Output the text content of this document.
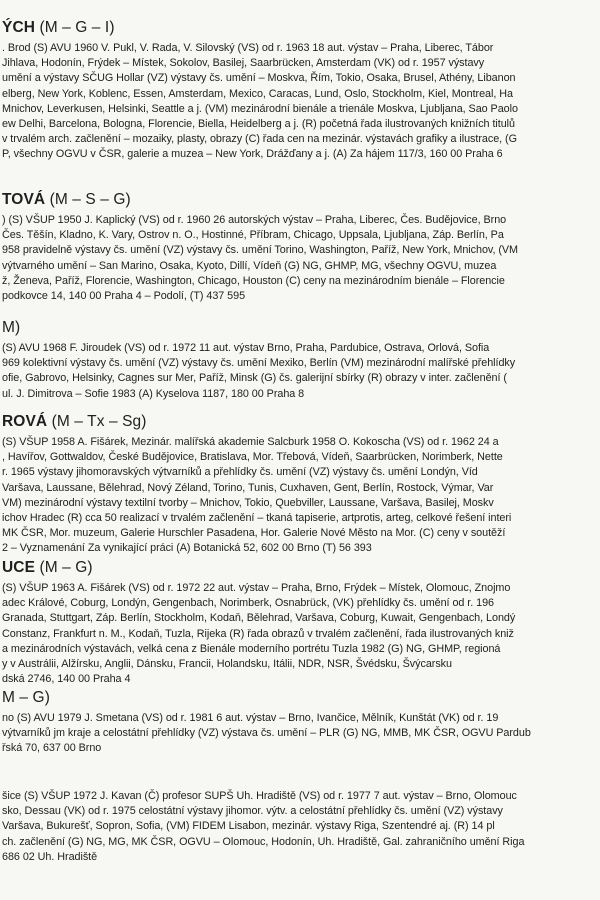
ÝCH (M – G – I)
. Brod (S) AVU 1960 V. Pukl, V. Rada, V. Silovský (VS) od r. 1963 18 aut. výstav – Praha, Liberec, Tábor
Jihlava, Hodonín, Frýdek – Místek, Sokolov, Basilej, Saarbrücken, Amsterdam (VK) od r. 1957 výstavy
umění a výstavy SČUG Hollar (VZ) výstavy čs. umění – Moskva, Řím, Tokio, Osaka, Brusel, Athény, Libanon
elberg, New York, Koblenc, Essen, Amsterdam, Mexico, Caracas, Lund, Oslo, Stockholm, Kiel, Montreal, Ha
Mnichov, Leverkusen, Helsinki, Seattle a j. (VM) mezinárodní bienále a trienále Moskva, Ljubljana, Sao Paolo
ew Delhi, Barcelona, Bologna, Florencie, Biella, Heidelberg a j. (R) početná řada ilustrovaných knižních titulů
v trvalém arch. začlenění – mozaiky, plasty, obrazy (C) řada cen na mezinár. výstavách grafiky a ilustrace, (G
P, všechny OGVU v ČSR, galerie a muzea – New York, Drážďany a j. (A) Za hájem 117/3, 160 00 Praha 6
TOVÁ (M – S – G)
) (S) VŠUP 1950 J. Kaplický (VS) od r. 1960 26 autorských výstav – Praha, Liberec, Čes. Budějovice, Brno
Čes. Těšín, Kladno, K. Vary, Ostrov n. O., Hostinné, Příbram, Chicago, Uppsala, Ljubljana, Záp. Berlín, Pa
958 pravidelně výstavy čs. umění (VZ) výstavy čs. umění Torino, Washington, Paříž, New York, Mnichov, (VM
výtvarného umění – San Marino, Osaka, Kyoto, Dillí, Vídeň (G) NG, GHMP, MG, všechny OGVU, muzea
ž, Ženeva, Paříž, Florencie, Washington, Chicago, Houston (C) ceny na mezinárodním bienále – Florencie
podkovce 14, 140 00 Praha 4 – Podolí, (T) 437 595
M)
(S) AVU 1968 F. Jiroudek (VS) od r. 1972 11 aut. výstav Brno, Praha, Pardubice, Ostrava, Orlová, Sofia
969 kolektivní výstavy čs. umění (VZ) výstavy čs. umění Mexiko, Berlín (VM) mezinárodní malířské přehlídky
ofie, Gabrovo, Helsinky, Cagnes sur Mer, Paříž, Minsk (G) čs. galerijní sbírky (R) obrazy v inter. začlenění (
ul. J. Dimitrova – Sofie 1983 (A) Kyselova 1187, 180 00 Praha 8
ROVÁ (M – Tx – Sg)
(S) VŠUP 1958 A. Fišárek, Mezinár. malířská akademie Salcburk 1958 O. Kokoscha (VS) od r. 1962 24 a
, Havířov, Gottwaldov, České Budějovice, Bratislava, Mor. Třebová, Vídeň, Saarbrücken, Norimberk, Nette
r. 1965 výstavy jihomoravských výtvarníků a přehlídky čs. umění (VZ) výstavy čs. umění Londýn, Víd
Varšava, Laussane, Bělehrad, Nový Zéland, Torino, Tunis, Cuxhaven, Gent, Berlín, Rostock, Výmar, Var
VM) mezinárodní výstavy textilní tvorby – Mnichov, Tokio, Quebviller, Laussane, Varšava, Basilej, Moskv
ichov Hradec (R) cca 50 realizací v trvalém začlenění – tkaná tapiserie, artprotis, arteg, celkové řešení interi
MK ČSR, Mor. muzeum, Galerie Hurschler Pasadena, Hor. Galerie Nové Město na Mor. (C) ceny v soutěží
2 – Vyznamenání Za vynikající práci (A) Botanická 52, 602 00 Brno (T) 56 393
UCE (M – G)
(S) VŠUP 1963 A. Fišárek (VS) od r. 1972 22 aut. výstav – Praha, Brno, Frýdek – Místek, Olomouc, Znojmo
adec Králové, Coburg, Londýn, Gengenbach, Norimberk, Osnabrück, (VK) přehlídky čs. umění od r. 196
Granada, Stuttgart, Záp. Berlín, Stockholm, Kodaň, Bělehrad, Varšava, Coburg, Kuwait, Gengenbach, Londý
Constanz, Frankfurt n. M., Kodaň, Tuzla, Rijeka (R) řada obrazů v trvalém začlenění, řada ilustrovaných kniž
a mezinárodních výstavách, velká cena z Bienále moderního portrétu Tuzla 1982 (G) NG, GHMP, regioná
y v Austrálii, Alžírsku, Anglii, Dánsku, Francii, Holandsku, Itálii, NDR, NSR, Švédsku, Švýcarsku
dská 2746, 140 00 Praha 4
M – G)
no (S) AVU 1979 J. Smetana (VS) od r. 1981 6 aut. výstav – Brno, Ivančice, Mělník, Kunštát (VK) od r. 19
výtvarníků jm kraje a celostátní přehlídky (VZ) výstava čs. umění – PLR (G) NG, MMB, MK ČSR, OGVU Pardub
řská 70, 637 00 Brno
šice (S) VŠUP 1972 J. Kavan (Č) profesor SUPŠ Uh. Hradiště (VS) od r. 1977 7 aut. výstav – Brno, Olomouc
sko, Dessau (VK) od r. 1975 celostátní výstavy jihomor. výtv. a celostátní přehlídky čs. umění (VZ) výstavy
Varšava, Bukurešť, Sopron, Sofia, (VM) FIDEM Lisabon, mezinár. výstavy Riga, Szentendré aj. (R) 14 pl
ch. začlenění (G) NG, MG, MK ČSR, OGVU – Olomouc, Hodonín, Uh. Hradiště, Gal. zahraničního umění Riga
686 02 Uh. Hradiště
